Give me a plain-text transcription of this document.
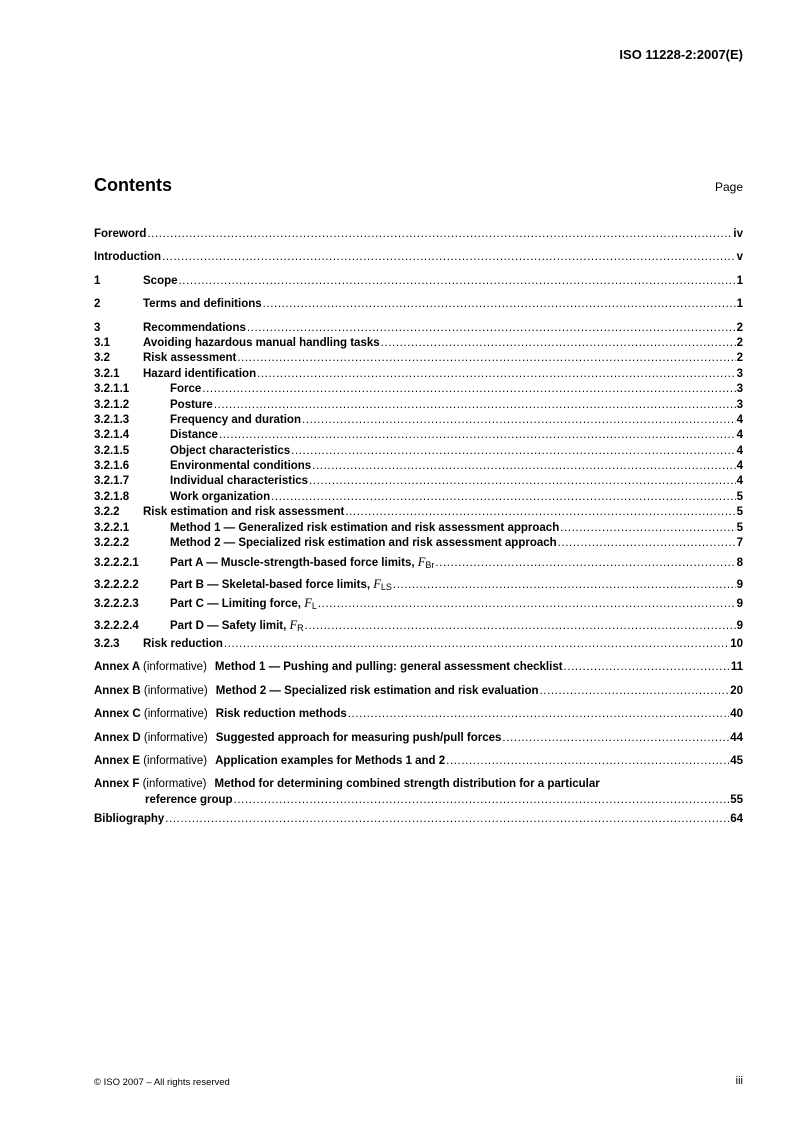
ISO 11228-2:2007(E)
Contents	Page
Foreword .....	iv
Introduction .....	v
1	Scope .....	1
2	Terms and definitions .....	1
3	Recommendations .....	2
3.1	Avoiding hazardous manual handling tasks .....	2
3.2	Risk assessment .....	2
3.2.1	Hazard identification .....	3
3.2.1.1	Force .....	3
3.2.1.2	Posture .....	3
3.2.1.3	Frequency and duration .....	4
3.2.1.4	Distance .....	4
3.2.1.5	Object characteristics .....	4
3.2.1.6	Environmental conditions .....	4
3.2.1.7	Individual characteristics .....	4
3.2.1.8	Work organization .....	5
3.2.2	Risk estimation and risk assessment .....	5
3.2.2.1	Method 1 — Generalized risk estimation and risk assessment approach .....	5
3.2.2.2	Method 2 — Specialized risk estimation and risk assessment approach .....	7
3.2.2.2.1	Part A — Muscle-strength-based force limits, $F_{Br}$ .....	8
3.2.2.2.2	Part B — Skeletal-based force limits, $F_{LS}$ .....	9
3.2.2.2.3	Part C — Limiting force, $F_L$ .....	9
3.2.2.2.4	Part D — Safety limit, $F_R$ .....	9
3.2.3	Risk reduction .....	10
Annex A (informative) Method 1 — Pushing and pulling: general assessment checklist .....	11
Annex B (informative) Method 2 — Specialized risk estimation and risk evaluation .....	20
Annex C (informative) Risk reduction methods .....	40
Annex D (informative) Suggested approach for measuring push/pull forces .....	44
Annex E (informative) Application examples for Methods 1 and 2 .....	45
Annex F (informative) Method for determining combined strength distribution for a particular
reference group .....	55
Bibliography .....	64
© ISO 2007 – All rights reserved	iii
